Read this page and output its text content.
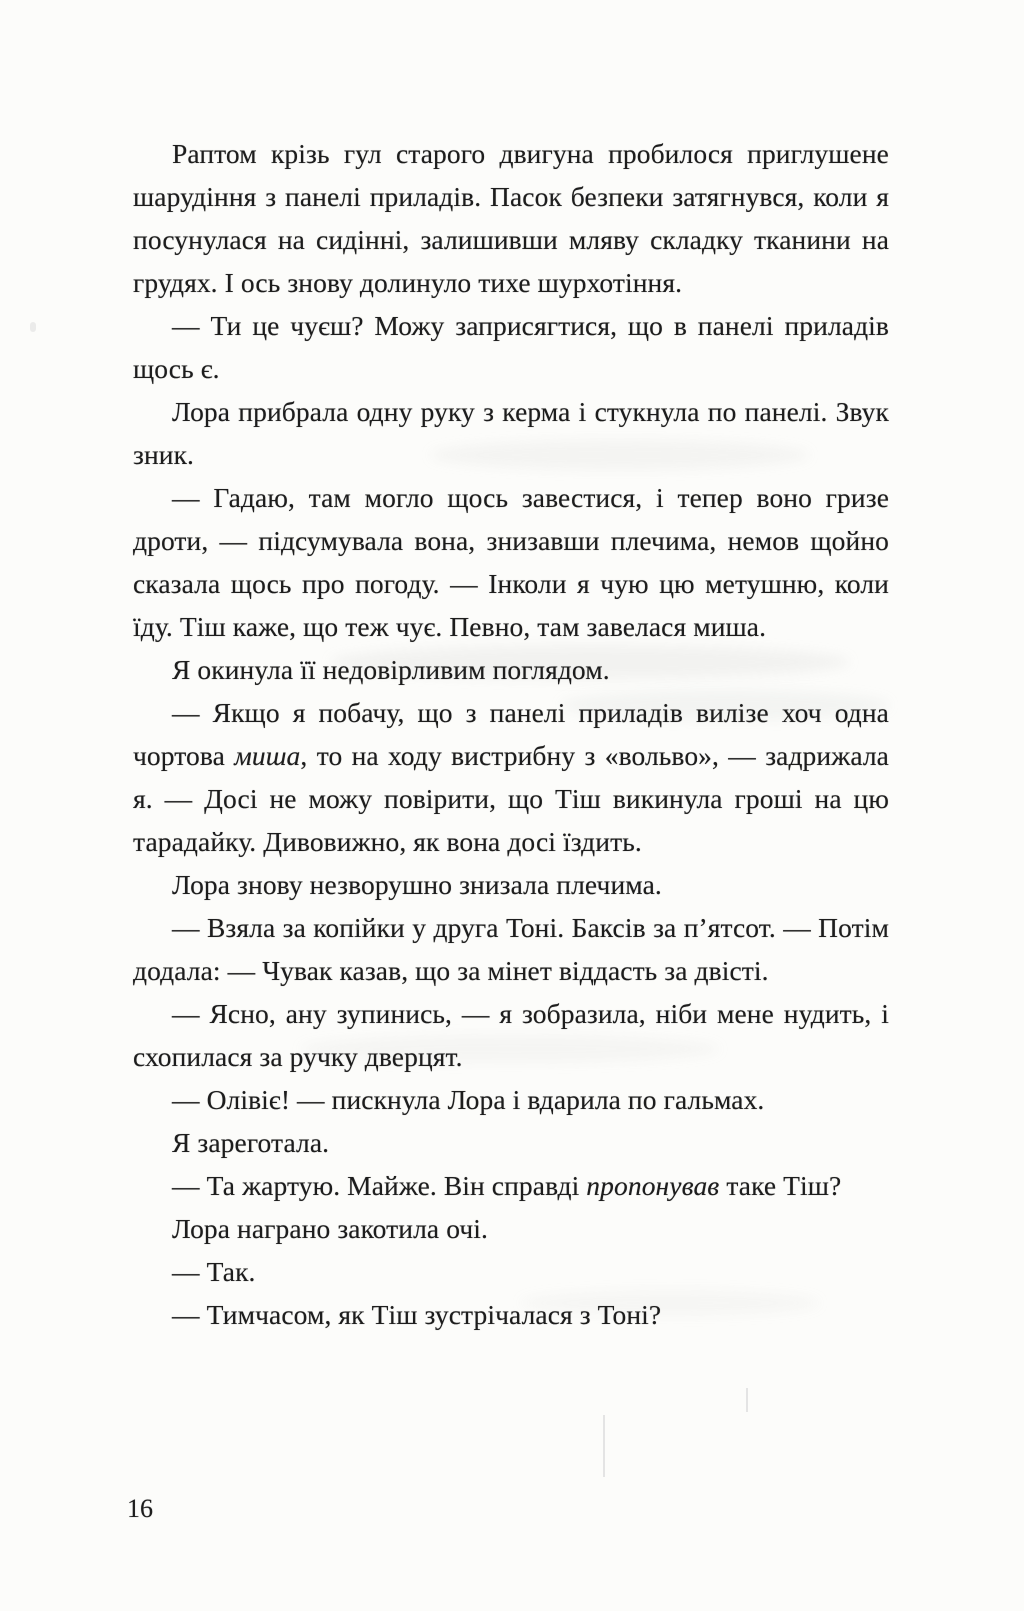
Раптом крізь гул старого двигуна пробилося приглушене шарудіння з панелі приладів. Пасок безпеки затягнувся, коли я посунулася на сидінні, залишивши мляву складку тканини на грудях. І ось знову долинуло тихе шурхотіння.

— Ти це чуєш? Можу заприсягтися, що в панелі приладів щось є.

Лора прибрала одну руку з керма і стукнула по панелі. Звук зник.

— Гадаю, там могло щось завестися, і тепер воно гризе дроти, — підсумувала вона, знизавши плечима, немов щойно сказала щось про погоду. — Інколи я чую цю метушню, коли їду. Тіш каже, що теж чує. Певно, там завелася миша.

Я окинула її недовірливим поглядом.

— Якщо я побачу, що з панелі приладів вилізе хоч одна чортова миша, то на ходу вистрибну з «вольво», — задрижала я. — Досі не можу повірити, що Тіш викинула гроші на цю тарадайку. Дивовижно, як вона досі їздить.

Лора знову незворушно знизала плечима.

— Взяла за копійки у друга Тоні. Баксів за п’ятсот. — Потім додала: — Чувак казав, що за мінет віддасть за двісті.

— Ясно, ану зупинись, — я зобразила, ніби мене нудить, і схопилася за ручку дверцят.

— Олівіє! — пискнула Лора і вдарила по гальмах.

Я зареготала.

— Та жартую. Майже. Він справді пропонував таке Тіш?

Лора награно закотила очі.

— Так.

— Тимчасом, як Тіш зустрічалася з Тоні?

16
